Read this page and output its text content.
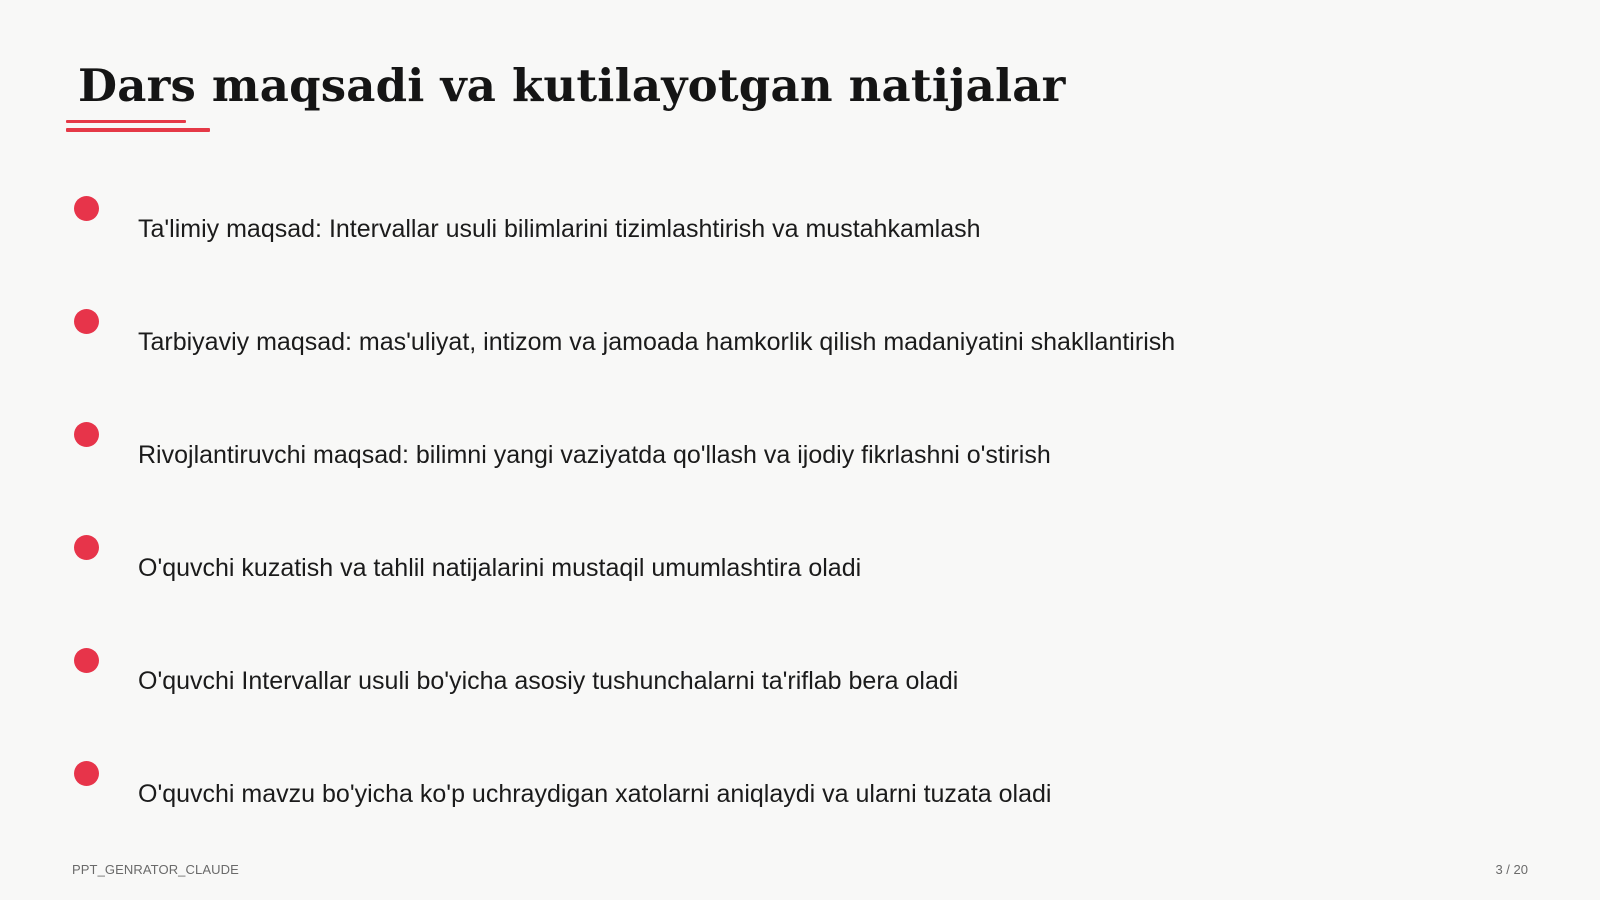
Dars maqsadi va kutilayotgan natijalar
Ta'limiy maqsad: Intervallar usuli bilimlarini tizimlashtirish va mustahkamlash
Tarbiyaviy maqsad: mas'uliyat, intizom va jamoada hamkorlik qilish madaniyatini shakllantirish
Rivojlantiruvchi maqsad: bilimni yangi vaziyatda qo'llash va ijodiy fikrlashni o'stirish
O'quvchi kuzatish va tahlil natijalarini mustaqil umumlashtira oladi
O'quvchi Intervallar usuli bo'yicha asosiy tushunchalarni ta'riflab bera oladi
O'quvchi mavzu bo'yicha ko'p uchraydigan xatolarni aniqlaydi va ularni tuzata oladi
PPT_GENRATOR_CLAUDE	3 / 20
